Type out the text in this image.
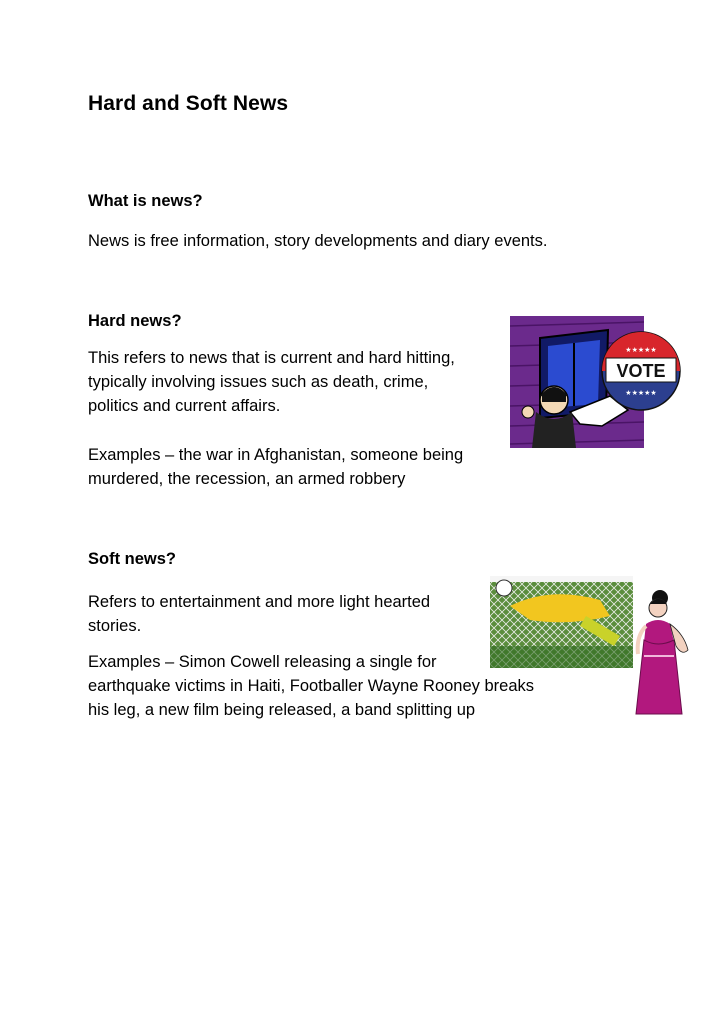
Hard and Soft News
What is news?
News is free information, story developments and diary events.
Hard news?
This refers to news that is current and hard hitting,
typically involving issues such as death, crime,
politics and current affairs.
Examples – the war in Afghanistan, someone being
murdered, the recession, an armed robbery
Soft news?
Refers to entertainment and more light hearted
stories.
Examples – Simon Cowell releasing a single for
earthquake victims in Haiti, Footballer Wayne Rooney breaks
his leg, a new film being released, a band splitting up
VOTE
★★★★★
★★★★★
